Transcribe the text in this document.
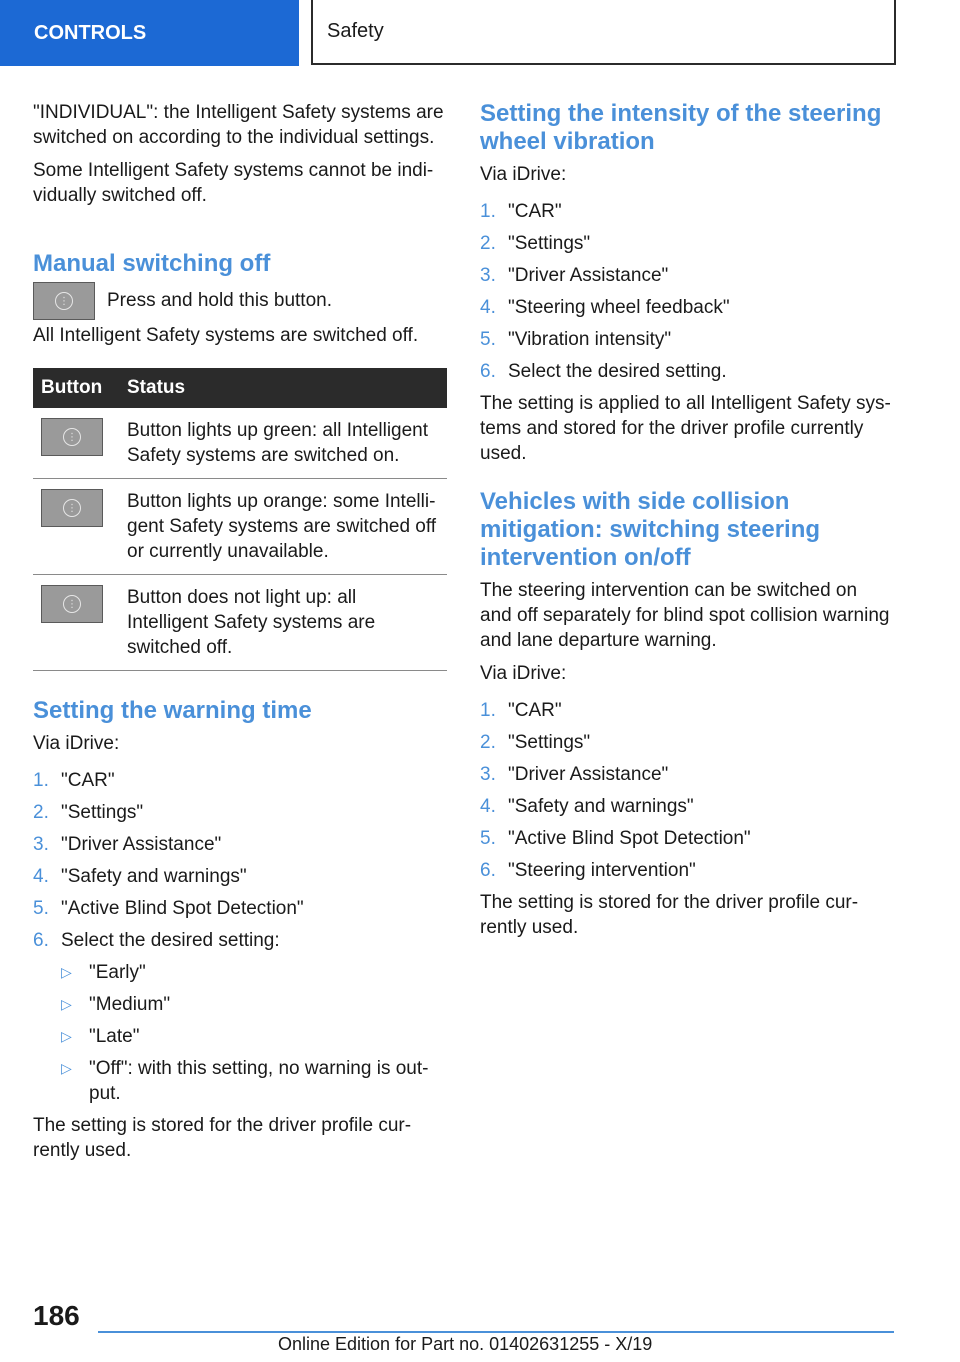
CONTROLS	Safety

"INDIVIDUAL": the Intelligent Safety systems are switched on according to the individual settings.

Some Intelligent Safety systems cannot be indi-vidually switched off.

Manual switching off
⋮ Press and hold this button.

All Intelligent Safety systems are switched off.

Button	Status

⋮	Button lights up green: all Intelligent Safety systems are switched on.

⋮	Button lights up orange: some Intelli-gent Safety systems are switched off or currently unavailable.

⋮	Button does not light up: all Intelligent Safety systems are switched off.
Setting the warning time

Via iDrive:

1. "CAR"
2. "Settings"
3. "Driver Assistance"
4. "Safety and warnings"
5. "Active Blind Spot Detection"
6. Select the desired setting:
▷ "Early"
▷ "Medium"
▷ "Late"
▷ "Off": with this setting, no warning is out-put.

The setting is stored for the driver profile cur-rently used.

Setting the intensity of the steering wheel vibration

Via iDrive:

1. "CAR"
2. "Settings"
3. "Driver Assistance"
4. "Steering wheel feedback"
5. "Vibration intensity"
6. Select the desired setting.

The setting is applied to all Intelligent Safety sys-tems and stored for the driver profile currently used.

Vehicles with side collision mitigation: switching steering intervention on/off

The steering intervention can be switched on and off separately for blind spot collision warning and lane departure warning.

Via iDrive:

1. "CAR"
2. "Settings"
3. "Driver Assistance"
4. "Safety and warnings"
5. "Active Blind Spot Detection"
6. "Steering intervention"

The setting is stored for the driver profile cur-rently used.

186
Online Edition for Part no. 01402631255 - X/19
